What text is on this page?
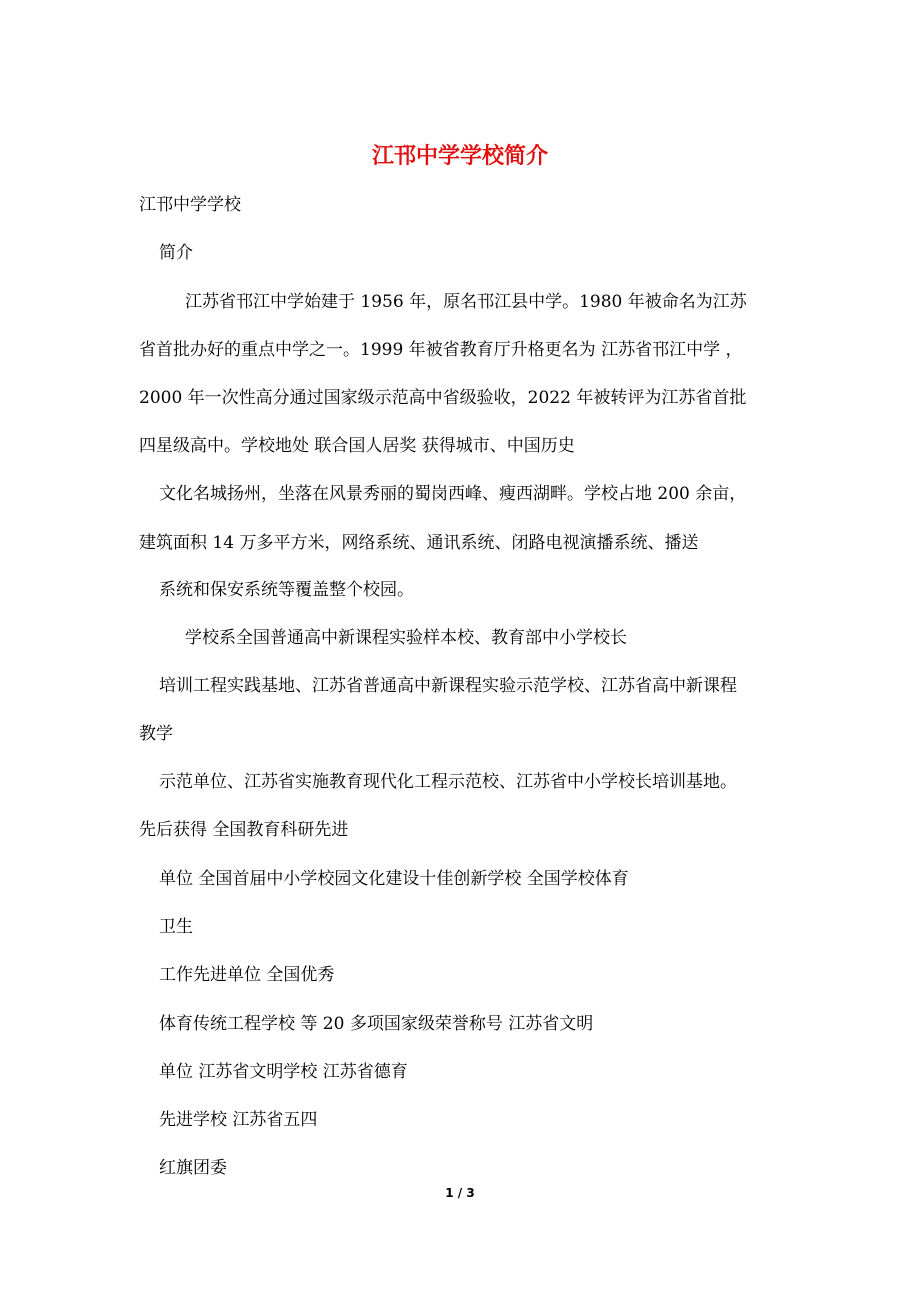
江邗中学学校简介

江邗中学学校

简介

江苏省邗江中学始建于 1956 年，原名邗江县中学。1980 年被命名为江苏

省首批办好的重点中学之一。1999 年被省教育厅升格更名为 江苏省邗江中学 ，

2000 年一次性高分通过国家级示范高中省级验收，2022 年被转评为江苏省首批

四星级高中。学校地处 联合国人居奖 获得城市、中国历史

文化名城扬州，坐落在风景秀丽的蜀岗西峰、瘦西湖畔。学校占地 200 余亩，

建筑面积 14 万多平方米，网络系统、通讯系统、闭路电视演播系统、播送

系统和保安系统等覆盖整个校园。

学校系全国普通高中新课程实验样本校、教育部中小学校长

培训工程实践基地、江苏省普通高中新课程实验示范学校、江苏省高中新课程

教学

示范单位、江苏省实施教育现代化工程示范校、江苏省中小学校长培训基地。

先后获得 全国教育科研先进

单位 全国首届中小学校园文化建设十佳创新学校 全国学校体育

卫生

工作先进单位 全国优秀

体育传统工程学校 等 20 多项国家级荣誉称号 江苏省文明

单位 江苏省文明学校 江苏省德育

先进学校 江苏省五四

红旗团委

1 / 3
